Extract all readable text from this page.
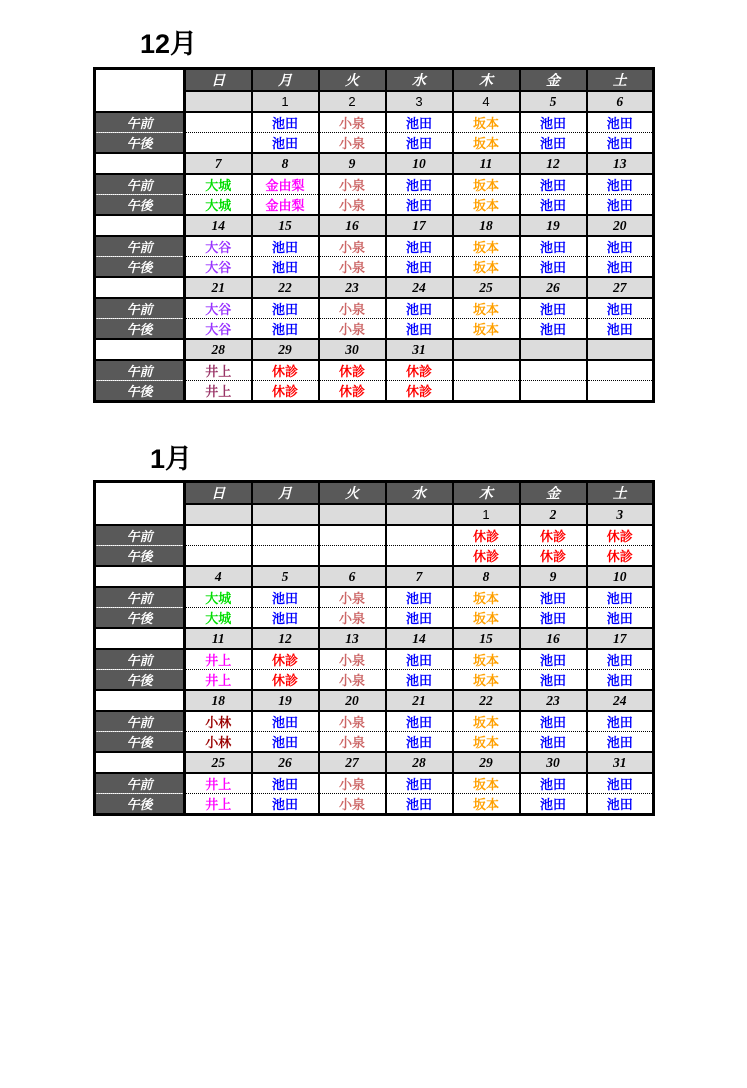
12月
	日	月	火	水	木	金	土
		1	2	3	4	5	6
午前		池田	小泉	池田	坂本	池田	池田
午後		池田	小泉	池田	坂本	池田	池田
	7	8	9	10	11	12	13
午前	大城	金由梨	小泉	池田	坂本	池田	池田
午後	大城	金由梨	小泉	池田	坂本	池田	池田
	14	15	16	17	18	19	20
午前	大谷	池田	小泉	池田	坂本	池田	池田
午後	大谷	池田	小泉	池田	坂本	池田	池田
	21	22	23	24	25	26	27
午前	大谷	池田	小泉	池田	坂本	池田	池田
午後	大谷	池田	小泉	池田	坂本	池田	池田
	28	29	30	31			
午前	井上	休診	休診	休診			
午後	井上	休診	休診	休診			
1月
	日	月	火	水	木	金	土
					1	2	3
午前					休診	休診	休診
午後					休診	休診	休診
	4	5	6	7	8	9	10
午前	大城	池田	小泉	池田	坂本	池田	池田
午後	大城	池田	小泉	池田	坂本	池田	池田
	11	12	13	14	15	16	17
午前	井上	休診	小泉	池田	坂本	池田	池田
午後	井上	休診	小泉	池田	坂本	池田	池田
	18	19	20	21	22	23	24
午前	小林	池田	小泉	池田	坂本	池田	池田
午後	小林	池田	小泉	池田	坂本	池田	池田
	25	26	27	28	29	30	31
午前	井上	池田	小泉	池田	坂本	池田	池田
午後	井上	池田	小泉	池田	坂本	池田	池田
